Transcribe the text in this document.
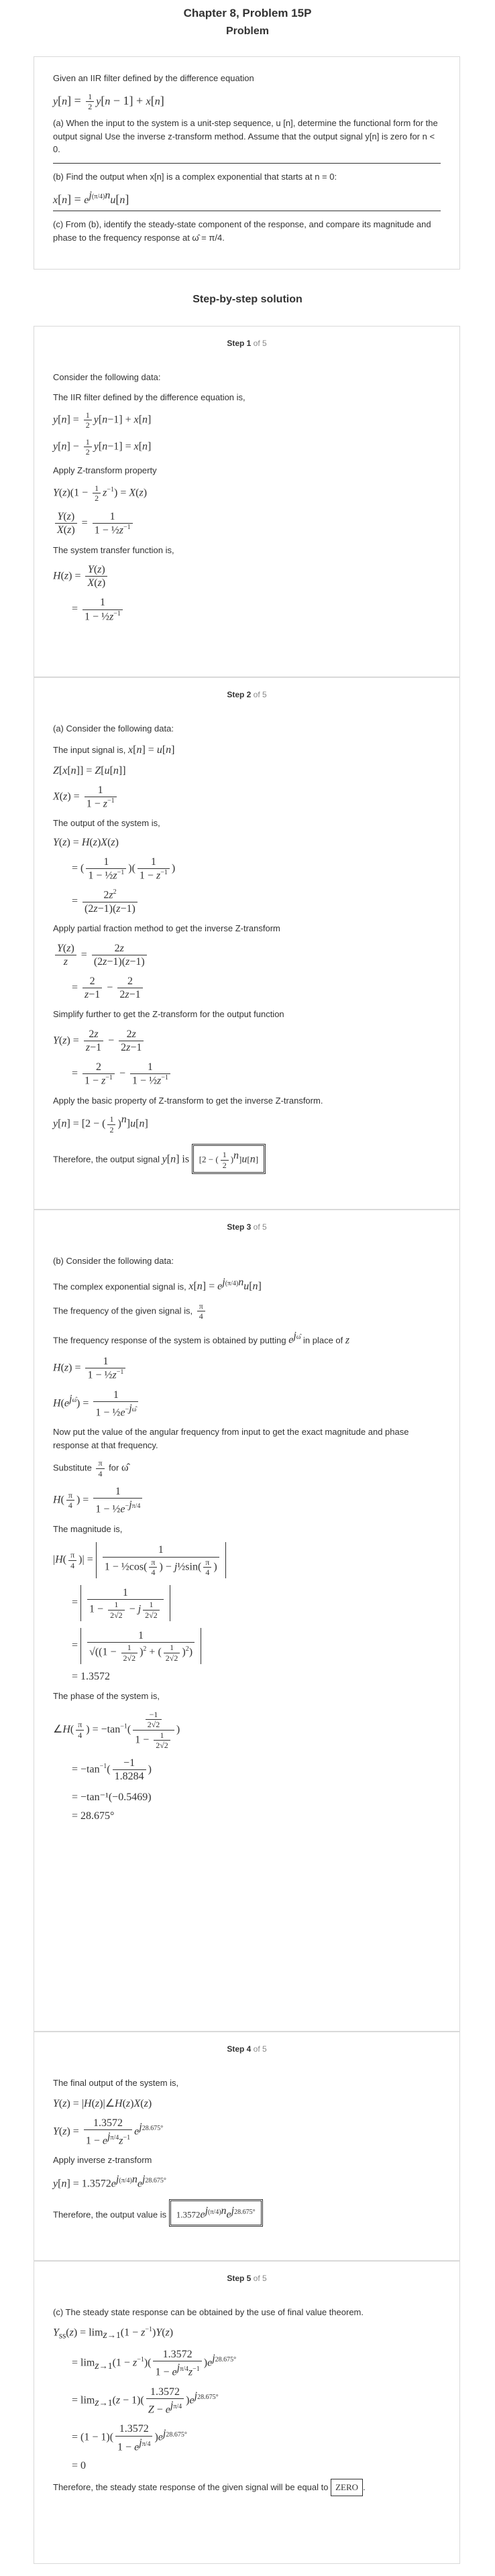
Chapter 8, Problem 15P
Problem

Given an IIR filter defined by the difference equation

$y[n] = \frac{1}{2} y[n - 1] + x[n]$

(a) When the input to the system is a unit-step sequence, u [n], determine the functional form for the output signal Use the inverse z-transform method. Assume that the output signal y[n] is zero for n < 0.

(b) Find the output when x[n] is a complex exponential that starts at n = 0:

$x[n] = e^{j(\pi/4)n}u[n]$

(c) From (b), identify the steady-state component of the response, and compare its magnitude and phase to the frequency response at ω̂ = π/4.

Step-by-step solution
Step 1 of 5

Consider the following data:

The IIR filter defined by the difference equation is,

$y[n] = \frac{1}{2} y[n-1] + x[n]$
$y[n] - \frac{1}{2} y[n-1] = x[n]$

Apply Z-transform property

$Y(z)(1 - \frac{1}{2} z^{-1}) = X(z)$
$\frac{Y(z)}{X(z)} = \frac{1}{1 - \frac{1}{2}z^{-1}}$

The system transfer function is,

$H(z) = \frac{Y(z)}{X(z)}$
= $\frac{1}{1 - \frac{1}{2}z^{-1}}$
Step 2 of 5

(a) Consider the following data:

The input signal is, x[n] = u[n]

Z[x[n]] = Z[u[n]]
$X(z) = \frac{1}{1 - z^{-1}}$

The output of the system is,

Y(z) = H(z)X(z)
= ( $\frac{1}{1 - \frac{1}{2}z^{-1}}$ )( $\frac{1}{1 - z^{-1}}$ )
= $\frac{2z^2}{(2z-1)(z-1)}$

Apply partial fraction method to get the inverse Z-transform

$\frac{Y(z)}{z} = \frac{2z}{(2z-1)(z-1)}$
= $\frac{2}{z-1} - \frac{2}{2z-1}$

Simplify further to get the Z-transform for the output function

$Y(z) = \frac{2z}{z-1} - \frac{2z}{2z-1}$
= $\frac{2}{1 - z^{-1}} - \frac{1}{1 - \frac{1}{2}z^{-1}}$

Apply the basic property of Z-transform to get the inverse Z-transform.

y[n] = [2 − ( $\frac{1}{2} )^n]u[n]$

Therefore, the output signal y[n] is [2 − ( $\frac{1}{2} )^n]u[n]$

Step 3 of 5

(b) Consider the following data:

The complex exponential signal is, $x[n] = e^{j(\pi/4)n}u[n]$

The frequency of the given signal is, $\frac{\pi}{4}$

The frequency response of the system is obtained by putting $e^{j\omegâ}$ in place of z

$H(z) = \frac{1}{1 - \frac{1}{2}z^{-1}}$
$H(e^{j\omegâ}) = \frac{1}{1 - \frac{1}{2}e^{-j\omegâ}}$

Now put the value of the angular frequency from input to get the exact magnitude and phase response at that frequency.

Substitute $\frac{\pi}{4}$ for ω̂

$H( \frac{\pi}{4}$ ) = $\frac{1}{1 - \frac{1}{2}e^{-j\pi/4}}$

The magnitude is,

$|H( \frac{\pi}{4}$ )| = $\frac{1}{1 - \frac{1}{2}\cos( \frac{\pi}{4} ) - j\frac{1}{2}\sin( \frac{\pi}{4} )}$
= $\frac{1}{1 - \frac{1}{2√2} - j \frac{1}{2√2}}$
= $\frac{1}{√((1 - \frac{1}{2√2} )^2 + ( \frac{1}{2√2} )^2)}$
= 1.3572

The phase of the system is,

∠H( $\frac{\pi}{4}$ ) = $-\tan^{-1}( \frac{\frac{-1}{2√2}}{1 - \frac{1}{2√2}}$ )
= $-\tan^{-1}( \frac{-1}{1.8284}$ )
= −tan⁻¹(−0.5469)
= 28.675°
Step 4 of 5

The final output of the system is,

Y(z) = |H(z)|∠H(z)X(z)
$Y(z) = \frac{1.3572}{1 - e^{j\pi/4}z^{-1}} e^{j28.675^\circ}$

Apply inverse z-transform

$y[n] = 1.3572e^{j(\pi/4)n}e^{j28.675^\circ}$

Therefore, the output value is $1.3572e^{j(\pi/4)n}e^{j28.675^\circ}$

Step 5 of 5

(c) The steady state response can be obtained by the use of final value theorem.

$Y_{ss}(z) = \lim_{z\to 1}(1 - z^{-1})Y(z)$
= $\lim_{z\to 1}(1 - z^{-1})( \frac{1.3572}{1 - e^{j\pi/4}z^{-1}} )e^{j28.675^\circ}$
= $\lim_{z\to 1}(z - 1)( \frac{1.3572}{Z - e^{j\pi/4}} )e^{j28.675^\circ}$
= $(1 - 1)( \frac{1.3572}{1 - e^{j\pi/4}} )e^{j28.675^\circ}$
= 0

Therefore, the steady state response of the given signal will be equal to ZERO .
